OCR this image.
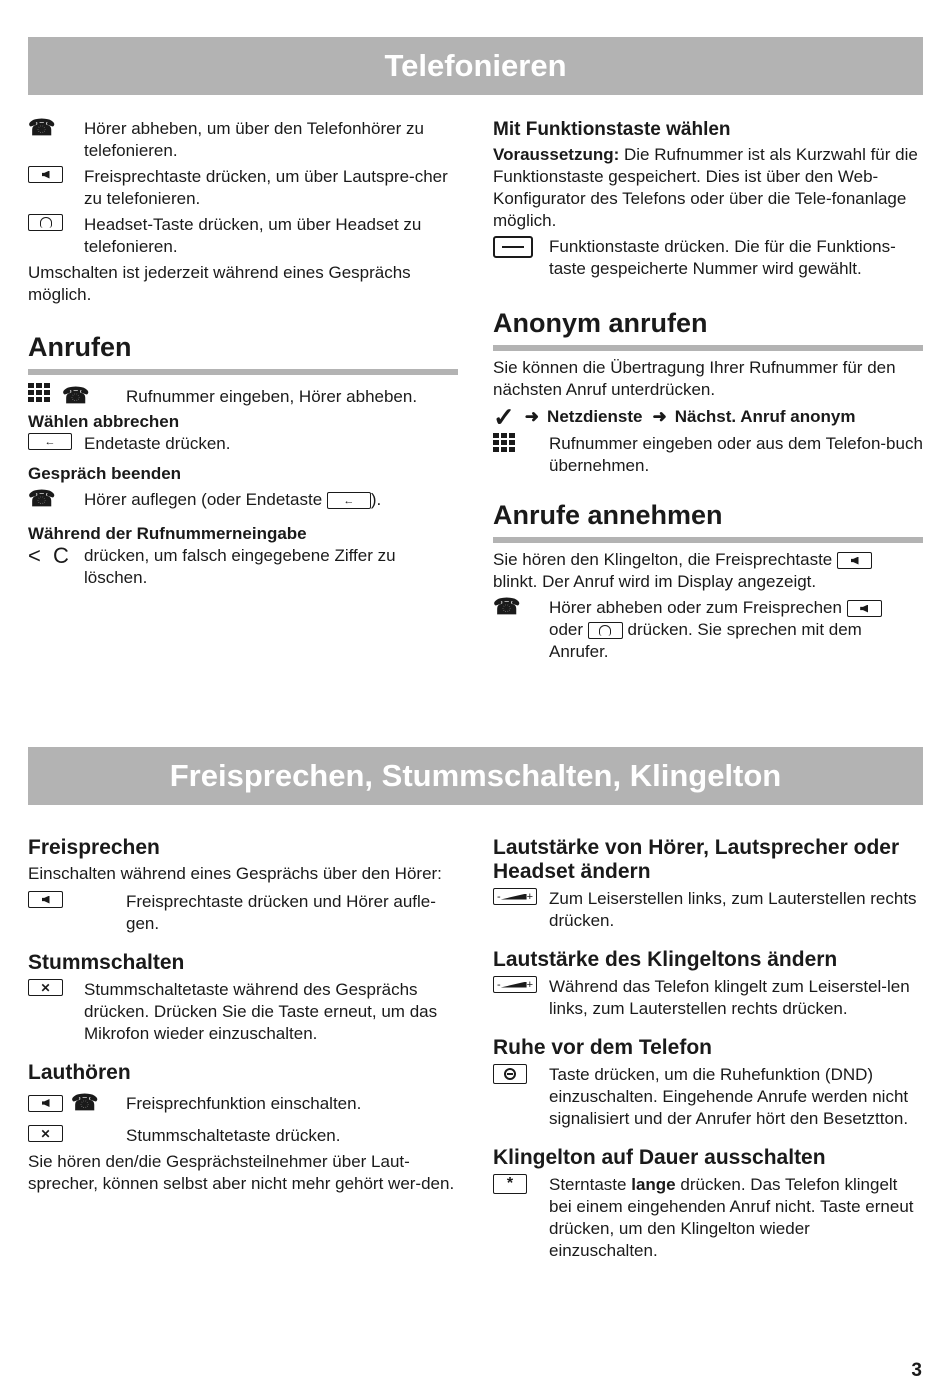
Telefonieren
☎ Hörer abheben, um über den Telefonhörer zu telefonieren.
Freisprechtaste drücken, um über Lautspre-cher zu telefonieren.
Headset-Taste drücken, um über Headset zu telefonieren.
Umschalten ist jederzeit während eines Gesprächs möglich.
Anrufen
☎ Rufnummer eingeben, Hörer abheben.
Wählen abbrechen
←	Endetaste drücken.
Gespräch beenden
☎ Hörer auflegen (oder Endetaste ← ).
Während der Rufnummerneingabe
< C drücken, um falsch eingegebene Ziffer zu löschen.
Mit Funktionstaste wählen
Voraussetzung: Die Rufnummer ist als Kurzwahl für die Funktionstaste gespeichert. Dies ist über den Web-Konfigurator des Telefons oder über die Tele-fonanlage möglich.
Funktionstaste drücken. Die für die Funktions-taste gespeicherte Nummer wird gewählt.
Anonym anrufen
Sie können die Übertragung Ihrer Rufnummer für den nächsten Anruf unterdrücken.
✓ ➜ Netzdienste ➜ Nächst. Anruf anonym
Rufnummer eingeben oder aus dem Telefon-buch übernehmen.
Anrufe annehmen
Sie hören den Klingelton, die Freisprechtaste

blinkt. Der Anruf wird im Display angezeigt.
☎ Hörer abheben oder zum Freisprechen

oder	drücken. Sie sprechen mit dem Anrufer.
Freisprechen, Stummschalten, Klingelton
Freisprechen
Einschalten während eines Gesprächs über den Hörer:
Freisprechtaste drücken und Hörer aufle-gen.
Stummschalten
✕ Stummschaltetaste während des Gesprächs drücken. Drücken Sie die Taste erneut, um das Mikrofon wieder einzuschalten.
Lauthören
☎ Freisprechfunktion einschalten.
✕	Stummschaltetaste drücken.
Sie hören den/die Gesprächsteilnehmer über Laut-sprecher, können selbst aber nicht mehr gehört wer-den.
Lautstärke von Hörer, Lautsprecher oder Headset ändern
- + Zum Leiserstellen links, zum Lauterstellen rechts drücken.
Lautstärke des Klingeltons ändern
- + Während das Telefon klingelt zum Leiserstel-len links, zum Lauterstellen rechts drücken.
Ruhe vor dem Telefon
Taste drücken, um die Ruhefunktion (DND) einzuschalten. Eingehende Anrufe werden nicht signalisiert und der Anrufer hört den Besetztton.
Klingelton auf Dauer ausschalten
*	Sterntaste lange drücken. Das Telefon klingelt bei einem eingehenden Anruf nicht. Taste erneut drücken, um den Klingelton wieder einzuschalten.
3
